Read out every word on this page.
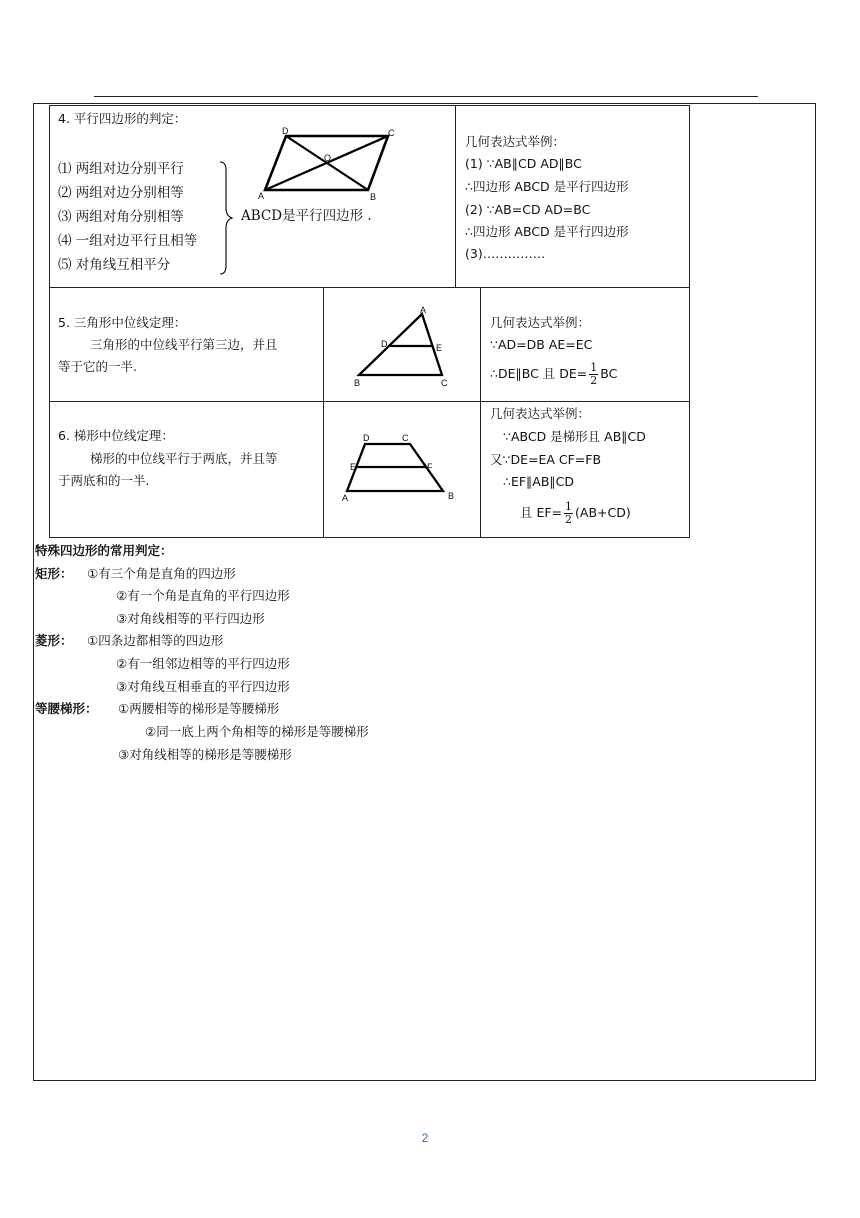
4. 平行四边形的判定：
D	C
O
A	B
⑴ 两组对边分别平行
⑵ 两组对边分别相等
⑶ 两组对角分别相等
⑷ 一组对边平行且相等
⑸ 对角线互相平分
ABCD是平行四边形 .
几何表达式举例：
(1) ∵AB∥CD AD∥BC
∴四边形 ABCD 是平行四边形
(2) ∵AB=CD AD=BC
∴四边形 ABCD 是平行四边形
(3)……………
5. 三角形中位线定理：
三角形的中位线平行第三边，并且
等于它的一半.
A
D	E
B	C
几何表达式举例：
∵AD=DB AE=EC
∴DE∥BC 且 $DE= \frac{1}{2}$ BC
6. 梯形中位线定理：
梯形的中位线平行于两底，并且等
于两底和的一半.
D	C
E	F
A	B
几何表达式举例：
∵ABCD 是梯形且 AB∥CD
又∵DE=EA CF=FB
∴EF∥AB∥CD
且 $EF= \frac{1}{2} (AB+CD)$
特殊四边形的常用判定：
矩形： ①有三个角是直角的四边形
②有一个角是直角的平行四边形
③对角线相等的平行四边形
菱形： ①四条边都相等的四边形
②有一组邻边相等的平行四边形
③对角线互相垂直的平行四边形
等腰梯形： ①两腰相等的梯形是等腰梯形
②同一底上两个角相等的梯形是等腰梯形
③对角线相等的梯形是等腰梯形
2
